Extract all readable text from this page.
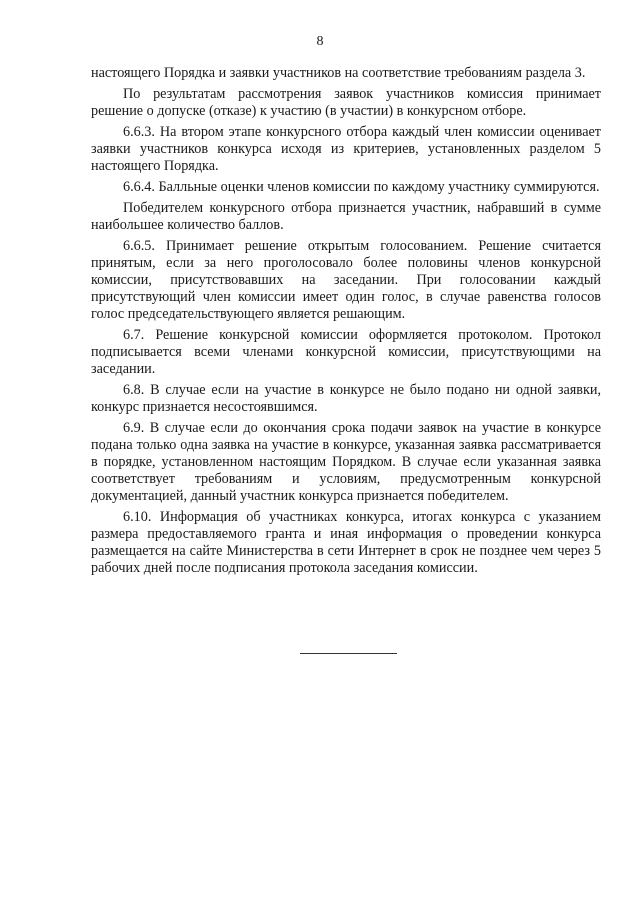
8

настоящего Порядка и заявки участников на соответствие требованиям раздела 3.

По результатам рассмотрения заявок участников комиссия принимает решение о допуске (отказе) к участию (в участии) в конкурсном отборе.

6.6.3. На втором этапе конкурсного отбора каждый член комиссии оценивает заявки участников конкурса исходя из критериев, установленных разделом 5 настоящего Порядка.

6.6.4. Балльные оценки членов комиссии по каждому участнику суммируются.

Победителем конкурсного отбора признается участник, набравший в сумме наибольшее количество баллов.

6.6.5. Принимает решение открытым голосованием. Решение считается принятым, если за него проголосовало более половины членов конкурсной комиссии, присутствовавших на заседании. При голосовании каждый присутствующий член комиссии имеет один голос, в случае равенства голосов голос председательствующего является решающим.

6.7. Решение конкурсной комиссии оформляется протоколом. Протокол подписывается всеми членами конкурсной комиссии, присутствующими на заседании.

6.8. В случае если на участие в конкурсе не было подано ни одной заявки, конкурс признается несостоявшимся.

6.9. В случае если до окончания срока подачи заявок на участие в конкурсе подана только одна заявка на участие в конкурсе, указанная заявка рассматривается в порядке, установленном настоящим Порядком. В случае если указанная заявка соответствует требованиям и условиям, предусмотренным конкурсной документацией, данный участник конкурса признается победителем.

6.10. Информация об участниках конкурса, итогах конкурса с указанием размера предоставляемого гранта и иная информация о проведении конкурса размещается на сайте Министерства в сети Интернет в срок не позднее чем через 5 рабочих дней после подписания протокола заседания комиссии.
